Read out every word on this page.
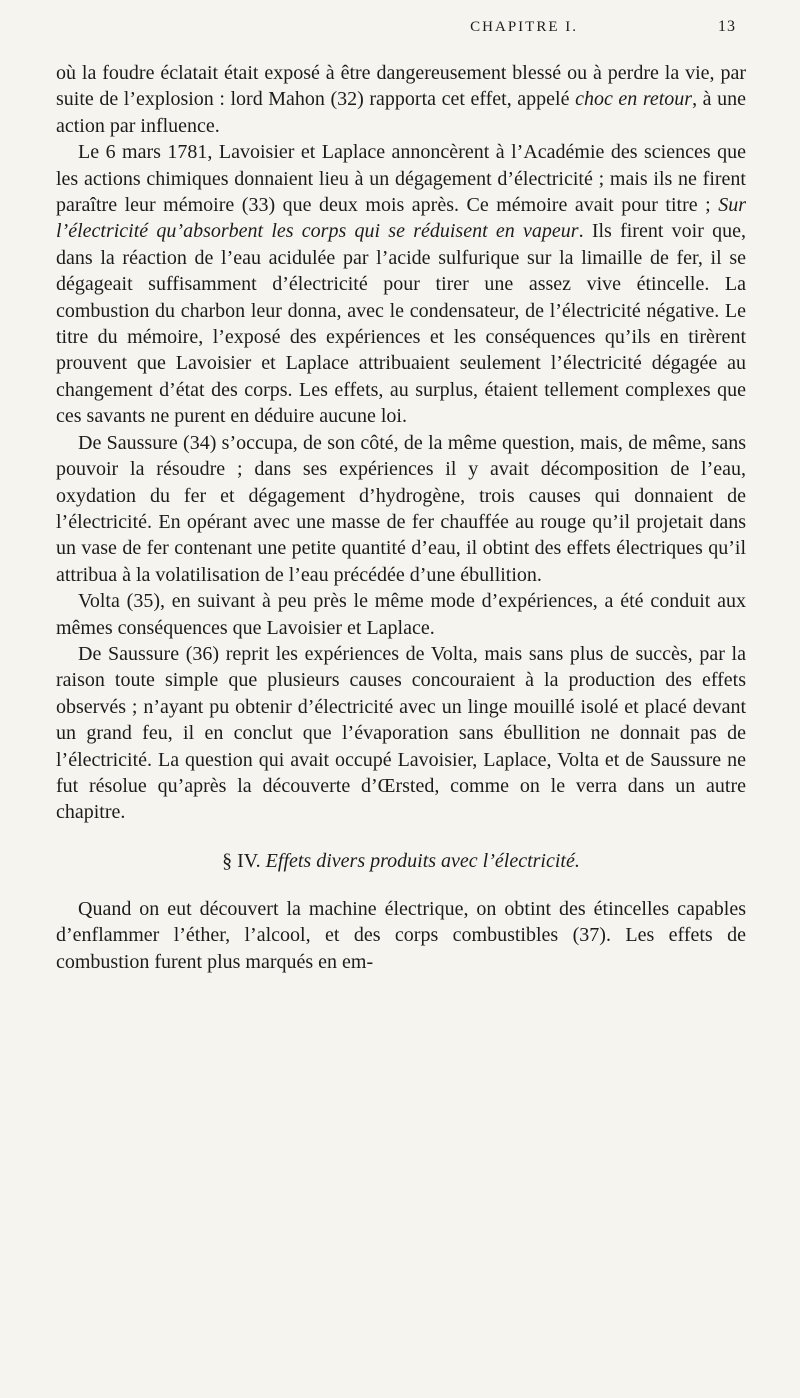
CHAPITRE I.	13

où la foudre éclatait était exposé à être dangereusement blessé ou à perdre la vie, par suite de l’explosion : lord Mahon (32) rapporta cet effet, appelé choc en retour, à une action par influence.

Le 6 mars 1781, Lavoisier et Laplace annoncèrent à l’Académie des sciences que les actions chimiques donnaient lieu à un dégagement d’électricité ; mais ils ne firent paraître leur mémoire (33) que deux mois après. Ce mémoire avait pour titre ; Sur l’électricité qu’absorbent les corps qui se réduisent en vapeur. Ils firent voir que, dans la réaction de l’eau acidulée par l’acide sulfurique sur la limaille de fer, il se dégageait suffisamment d’électricité pour tirer une assez vive étincelle. La combustion du charbon leur donna, avec le condensateur, de l’électricité négative. Le titre du mémoire, l’exposé des expériences et les conséquences qu’ils en tirèrent prouvent que Lavoisier et Laplace attribuaient seulement l’électricité dégagée au changement d’état des corps. Les effets, au surplus, étaient tellement complexes que ces savants ne purent en déduire aucune loi.

De Saussure (34) s’occupa, de son côté, de la même question, mais, de même, sans pouvoir la résoudre ; dans ses expériences il y avait décomposition de l’eau, oxydation du fer et dégagement d’hydrogène, trois causes qui donnaient de l’électricité. En opérant avec une masse de fer chauffée au rouge qu’il projetait dans un vase de fer contenant une petite quantité d’eau, il obtint des effets électriques qu’il attribua à la volatilisation de l’eau précédée d’une ébullition.

Volta (35), en suivant à peu près le même mode d’expériences, a été conduit aux mêmes conséquences que Lavoisier et Laplace.

De Saussure (36) reprit les expériences de Volta, mais sans plus de succès, par la raison toute simple que plusieurs causes concouraient à la production des effets observés ; n’ayant pu obtenir d’électricité avec un linge mouillé isolé et placé devant un grand feu, il en conclut que l’évaporation sans ébullition ne donnait pas de l’électricité. La question qui avait occupé Lavoisier, Laplace, Volta et de Saussure ne fut résolue qu’après la découverte d’Œrsted, comme on le verra dans un autre chapitre.

§ IV. Effets divers produits avec l’électricité.

Quand on eut découvert la machine électrique, on obtint des étincelles capables d’enflammer l’éther, l’alcool, et des corps combustibles (37). Les effets de combustion furent plus marqués en em-
